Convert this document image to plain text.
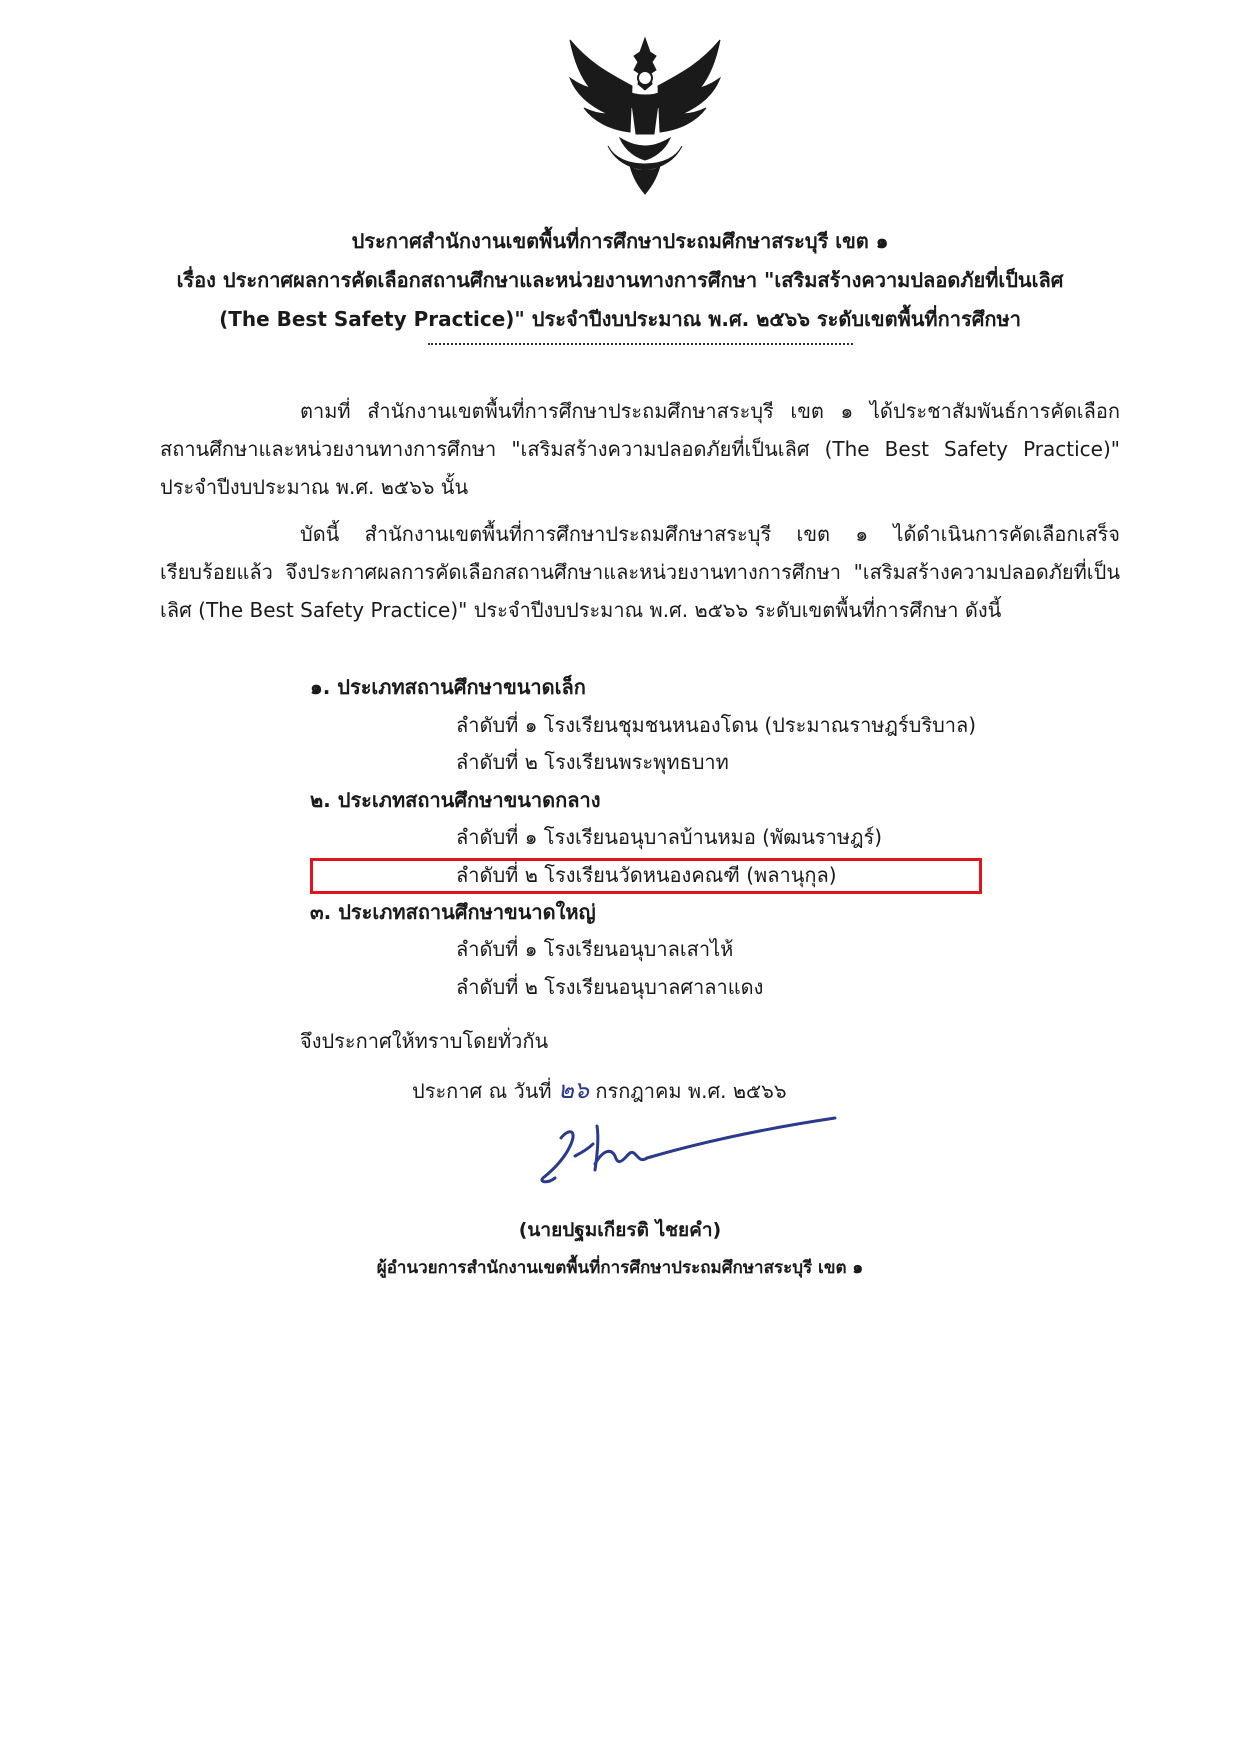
ประกาศสำนักงานเขตพื้นที่การศึกษาประถมศึกษาสระบุรี เขต ๑
เรื่อง ประกาศผลการคัดเลือกสถานศึกษาและหน่วยงานทางการศึกษา "เสริมสร้างความปลอดภัยที่เป็นเลิศ
(The Best Safety Practice)" ประจำปีงบประมาณ พ.ศ. ๒๕๖๖ ระดับเขตพื้นที่การศึกษา
ตามที่ สำนักงานเขตพื้นที่การศึกษาประถมศึกษาสระบุรี เขต ๑ ได้ประชาสัมพันธ์การคัดเลือกสถานศึกษาและหน่วยงานทางการศึกษา "เสริมสร้างความปลอดภัยที่เป็นเลิศ (The Best Safety Practice)" ประจำปีงบประมาณ พ.ศ. ๒๕๖๖ นั้น
บัดนี้ สำนักงานเขตพื้นที่การศึกษาประถมศึกษาสระบุรี เขต ๑ ได้ดำเนินการคัดเลือกเสร็จเรียบร้อยแล้ว จึงประกาศผลการคัดเลือกสถานศึกษาและหน่วยงานทางการศึกษา "เสริมสร้างความปลอดภัยที่เป็นเลิศ (The Best Safety Practice)" ประจำปีงบประมาณ พ.ศ. ๒๕๖๖ ระดับเขตพื้นที่การศึกษา ดังนี้
๑. ประเภทสถานศึกษาขนาดเล็ก
ลำดับที่ ๑ โรงเรียนชุมชนหนองโดน (ประมาณราษฎร์บริบาล)
ลำดับที่ ๒ โรงเรียนพระพุทธบาท
๒. ประเภทสถานศึกษาขนาดกลาง
ลำดับที่ ๑ โรงเรียนอนุบาลบ้านหมอ (พัฒนราษฎร์)
ลำดับที่ ๒ โรงเรียนวัดหนองคณฑี (พลานุกุล)
๓. ประเภทสถานศึกษาขนาดใหญ่
ลำดับที่ ๑ โรงเรียนอนุบาลเสาไห้
ลำดับที่ ๒ โรงเรียนอนุบาลศาลาแดง
จึงประกาศให้ทราบโดยทั่วกัน
ประกาศ ณ วันที่ ๒๖ กรกฎาคม พ.ศ. ๒๕๖๖
(นายปฐมเกียรติ ไชยคำ)
ผู้อำนวยการสำนักงานเขตพื้นที่การศึกษาประถมศึกษาสระบุรี เขต ๑
